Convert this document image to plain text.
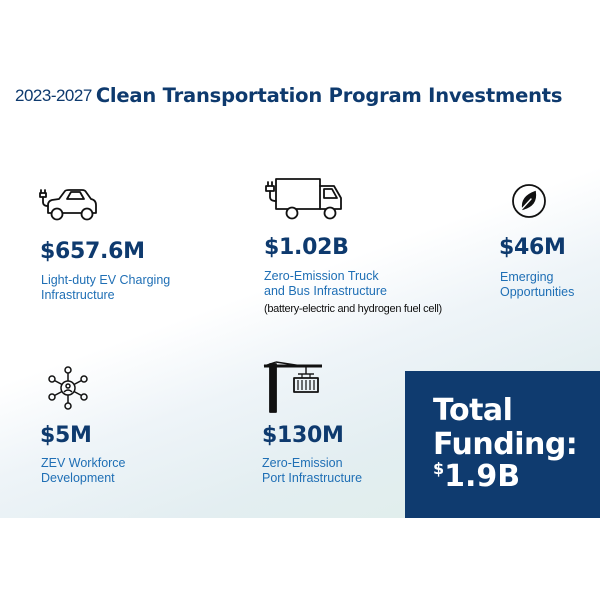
2023-2027 Clean Transportation Program Investments
$657.6M
Light-duty EV Charging
Infrastructure
$1.02B
Zero-Emission Truck
and Bus Infrastructure
(battery-electric and hydrogen fuel cell)
$46M
Emerging
Opportunities
$5M
ZEV Workforce
Development
$130M
Zero-Emission
Port Infrastructure
Total
Funding:
$1.9B
